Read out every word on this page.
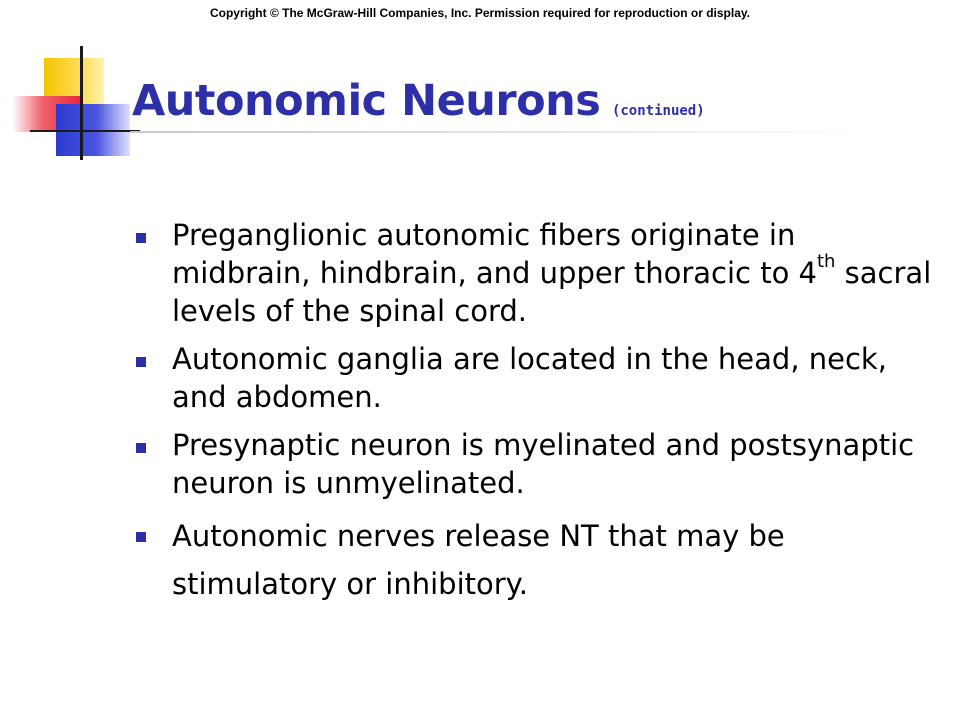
Copyright © The McGraw-Hill Companies, Inc. Permission required for reproduction or display.
Autonomic Neurons (continued)
Preganglionic autonomic fibers originate in midbrain, hindbrain, and upper thoracic to 4th sacral levels of the spinal cord.
Autonomic ganglia are located in the head, neck, and abdomen.
Presynaptic neuron is myelinated and postsynaptic neuron is unmyelinated.
Autonomic nerves release NT that may be stimulatory or inhibitory.
